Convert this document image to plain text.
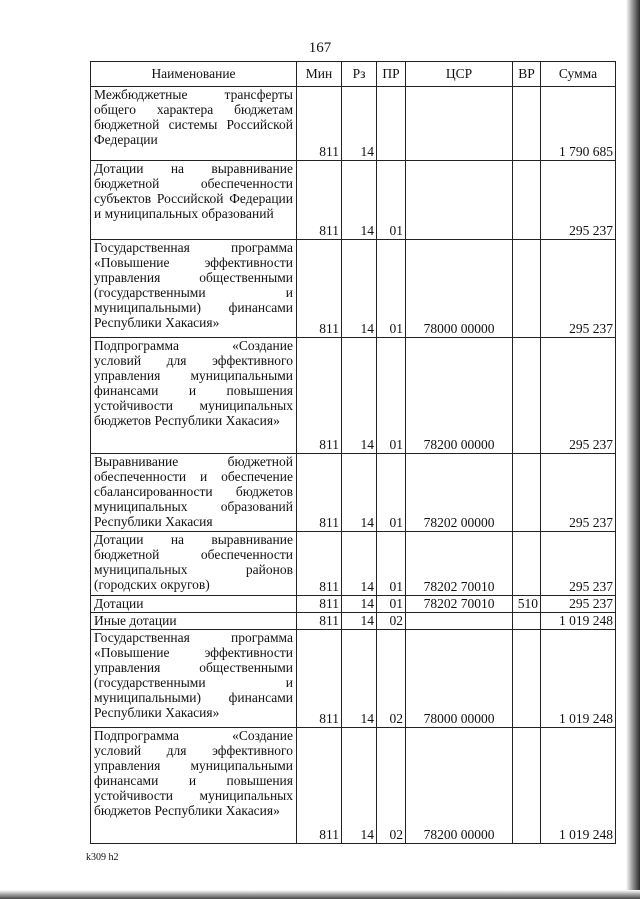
167
Наименование	Мин	Рз	ПР	ЦСР	ВР	Сумма
Межбюджетные трансферты общего характера бюджетам бюджетной системы Российской Федерации	811	14				1 790 685
Дотации на выравнивание бюджетной обеспеченности субъектов Российской Федерации и муниципальных образований	811	14	01			295 237
Государственная программа «Повышение эффективности управления общественными (государственными и муниципальными) финансами Республики Хакасия»	811	14	01	78000 00000		295 237
Подпрограмма «Создание условий для эффективного управления муниципальными финансами и повышения устойчивости муниципальных бюджетов Республики Хакасия»	811	14	01	78200 00000		295 237
Выравнивание бюджетной обеспеченности и обеспечение сбалансированности бюджетов муниципальных образований Республики Хакасия	811	14	01	78202 00000		295 237
Дотации на выравнивание бюджетной обеспеченности муниципальных районов (городских округов)	811	14	01	78202 70010		295 237
Дотации	811	14	01	78202 70010	510	295 237
Иные дотации	811	14	02			1 019 248
Государственная программа «Повышение эффективности управления общественными (государственными и муниципальными) финансами Республики Хакасия»	811	14	02	78000 00000		1 019 248
Подпрограмма «Создание условий для эффективного управления муниципальными финансами и повышения устойчивости муниципальных бюджетов Республики Хакасия»	811	14	02	78200 00000		1 019 248
k309 h2
